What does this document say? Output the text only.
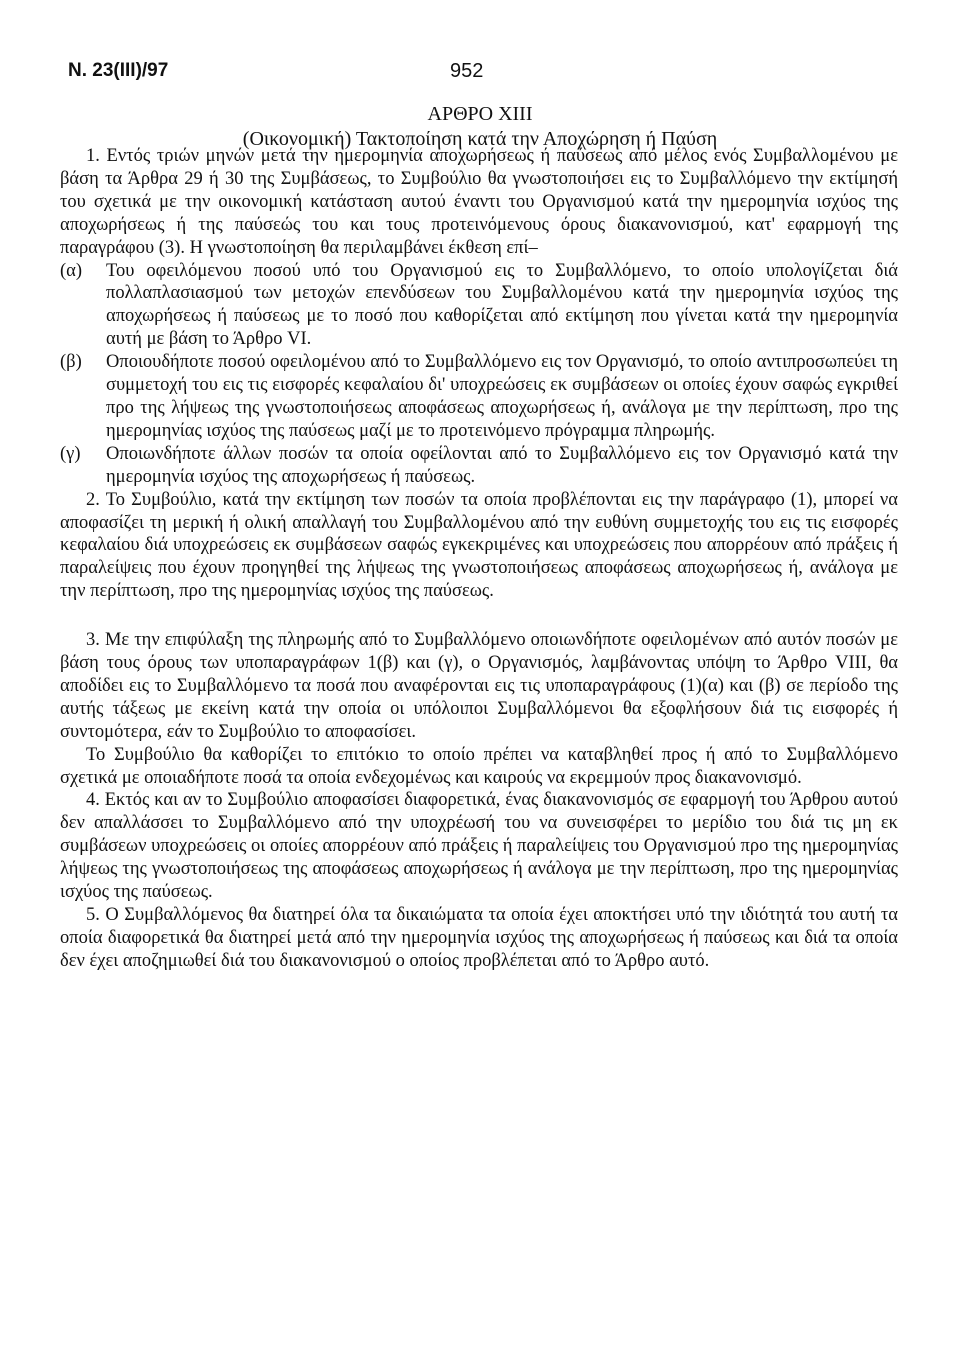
Ν. 23(ΙΙΙ)/97	952
ΑΡΘΡΟ XIII
(Οικονομική) Τακτοποίηση κατά την Αποχώρηση ή Παύση

1. Εντός τριών μηνών μετά την ημερομηνία αποχωρήσεως ή παύσεως από μέλος ενός Συμβαλλομένου με βάση τα Άρθρα 29 ή 30 της Συμβάσεως, το Συμβούλιο θα γνωστοποιήσει εις το Συμβαλλόμενο την εκτίμησή του σχετικά με την οικονομική κατάσταση αυτού έναντι του Οργανισμού κατά την ημερομηνία ισχύος της αποχωρήσεως ή της παύσεώς του και τους προτεινόμενους όρους διακανονισμού, κατ' εφαρμογή της παραγράφου (3). Η γνωστοποίηση θα περιλαμβάνει έκθεση επί–

(α) Του οφειλόμενου ποσού υπό του Οργανισμού εις το Συμβαλλόμενο, το οποίο υπολογίζεται διά πολλαπλασιασμού των μετοχών επενδύσεων του Συμβαλλομένου κατά την ημερομηνία ισχύος της αποχωρήσεως ή παύσεως με το ποσό που καθορίζεται από εκτίμηση που γίνεται κατά την ημερομηνία αυτή με βάση το Άρθρο VI.

(β) Οποιουδήποτε ποσού οφειλομένου από το Συμβαλλόμενο εις τον Οργανισμό, το οποίο αντιπροσωπεύει τη συμμετοχή του εις τις εισφορές κεφαλαίου δι' υποχρεώσεις εκ συμβάσεων οι οποίες έχουν σαφώς εγκριθεί προ της λήψεως της γνωστοποιήσεως αποφάσεως αποχωρήσεως ή, ανάλογα με την περίπτωση, προ της ημερομηνίας ισχύος της παύσεως μαζί με το προτεινόμενο πρόγραμμα πληρωμής.

(γ) Οποιωνδήποτε άλλων ποσών τα οποία οφείλονται από το Συμβαλλόμενο εις τον Οργανισμό κατά την ημερομηνία ισχύος της αποχωρήσεως ή παύσεως.

2. Το Συμβούλιο, κατά την εκτίμηση των ποσών τα οποία προβλέπονται εις την παράγραφο (1), μπορεί να αποφασίζει τη μερική ή ολική απαλλαγή του Συμβαλλομένου από την ευθύνη συμμετοχής του εις τις εισφορές κεφαλαίου διά υποχρεώσεις εκ συμβάσεων σαφώς εγκεκριμένες και υποχρεώσεις που απορρέουν από πράξεις ή παραλείψεις που έχουν προηγηθεί της λήψεως της γνωστοποιήσεως αποφάσεως αποχωρήσεως ή, ανάλογα με την περίπτωση, προ της ημερομηνίας ισχύος της παύσεως.

3. Με την επιφύλαξη της πληρωμής από το Συμβαλλόμενο οποιωνδήποτε οφειλομένων από αυτόν ποσών με βάση τους όρους των υποπαραγράφων 1(β) και (γ), ο Οργανισμός, λαμβάνοντας υπόψη το Άρθρο VIII, θα αποδίδει εις το Συμβαλλόμενο τα ποσά που αναφέρονται εις τις υποπαραγράφους (1)(α) και (β) σε περίοδο της αυτής τάξεως με εκείνη κατά την οποία οι υπόλοιποι Συμβαλλόμενοι θα εξοφλήσουν διά τις εισφορές ή συντομότερα, εάν το Συμβούλιο το αποφασίσει.

Το Συμβούλιο θα καθορίζει το επιτόκιο το οποίο πρέπει να καταβληθεί προς ή από το Συμβαλλόμενο σχετικά με οποιαδήποτε ποσά τα οποία ενδεχομένως και καιρούς να εκρεμμούν προς διακανονισμό.

4. Εκτός και αν το Συμβούλιο αποφασίσει διαφορετικά, ένας διακανονισμός σε εφαρμογή του Άρθρου αυτού δεν απαλλάσσει το Συμβαλλόμενο από την υποχρέωσή του να συνεισφέρει το μερίδιο του διά τις μη εκ συμβάσεων υποχρεώσεις οι οποίες απορρέουν από πράξεις ή παραλείψεις του Οργανισμού προ της ημερομηνίας λήψεως της γνωστοποιήσεως της αποφάσεως αποχωρήσεως ή ανάλογα με την περίπτωση, προ της ημερομηνίας ισχύος της παύσεως.

5. Ο Συμβαλλόμενος θα διατηρεί όλα τα δικαιώματα τα οποία έχει αποκτήσει υπό την ιδιότητά του αυτή τα οποία διαφορετικά θα διατηρεί μετά από την ημερομηνία ισχύος της αποχωρήσεως ή παύσεως και διά τα οποία δεν έχει αποζημιωθεί διά του διακανονισμού ο οποίος προβλέπεται από το Άρθρο αυτό.
